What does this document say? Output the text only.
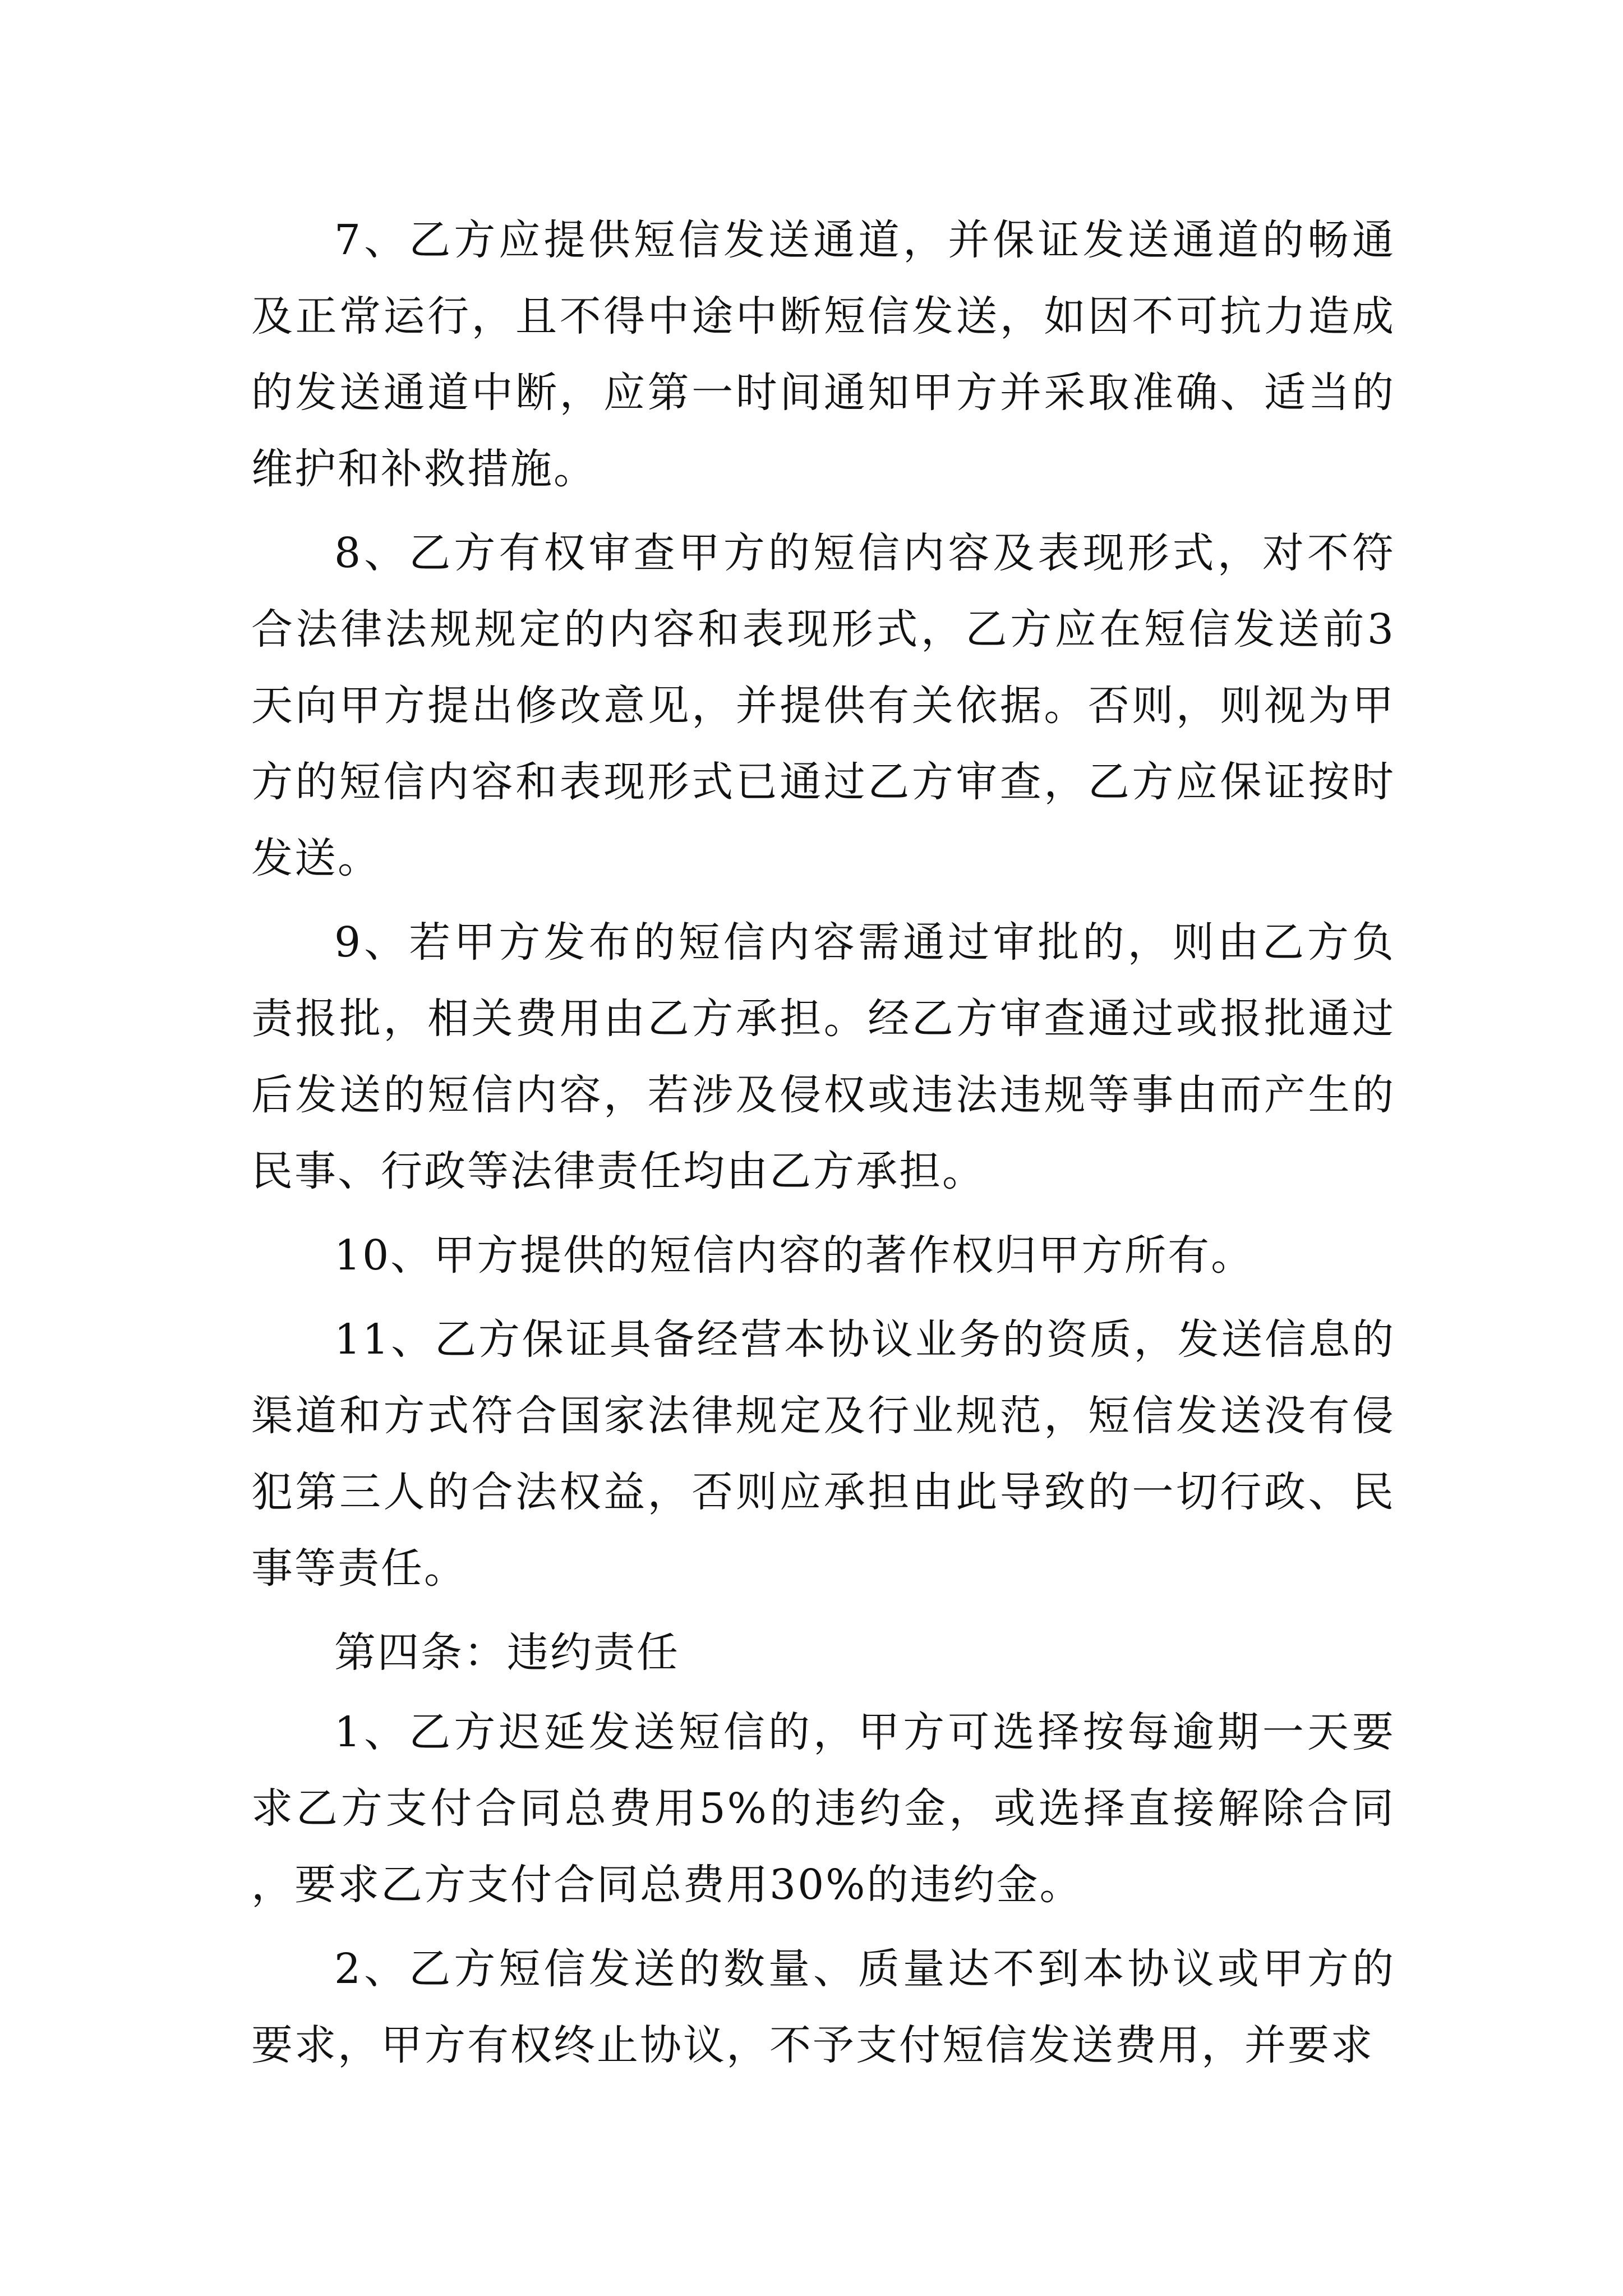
7、乙方应提供短信发送通道，并保证发送通道的畅通及正常运行，且不得中途中断短信发送，如因不可抗力造成的发送通道中断，应第一时间通知甲方并采取准确、适当的维护和补救措施。

8、乙方有权审查甲方的短信内容及表现形式，对不符合法律法规规定的内容和表现形式，乙方应在短信发送前3天向甲方提出修改意见，并提供有关依据。否则，则视为甲方的短信内容和表现形式已通过乙方审查，乙方应保证按时发送。

9、若甲方发布的短信内容需通过审批的，则由乙方负责报批，相关费用由乙方承担。经乙方审查通过或报批通过后发送的短信内容，若涉及侵权或违法违规等事由而产生的民事、行政等法律责任均由乙方承担。

10、甲方提供的短信内容的著作权归甲方所有。

11、乙方保证具备经营本协议业务的资质，发送信息的渠道和方式符合国家法律规定及行业规范，短信发送没有侵犯第三人的合法权益，否则应承担由此导致的一切行政、民事等责任。

第四条：违约责任

1、乙方迟延发送短信的，甲方可选择按每逾期一天要求乙方支付合同总费用5%的违约金，或选择直接解除合同，要求乙方支付合同总费用30%的违约金。

2、乙方短信发送的数量、质量达不到本协议或甲方的要求，甲方有权终止协议，不予支付短信发送费用，并要求
